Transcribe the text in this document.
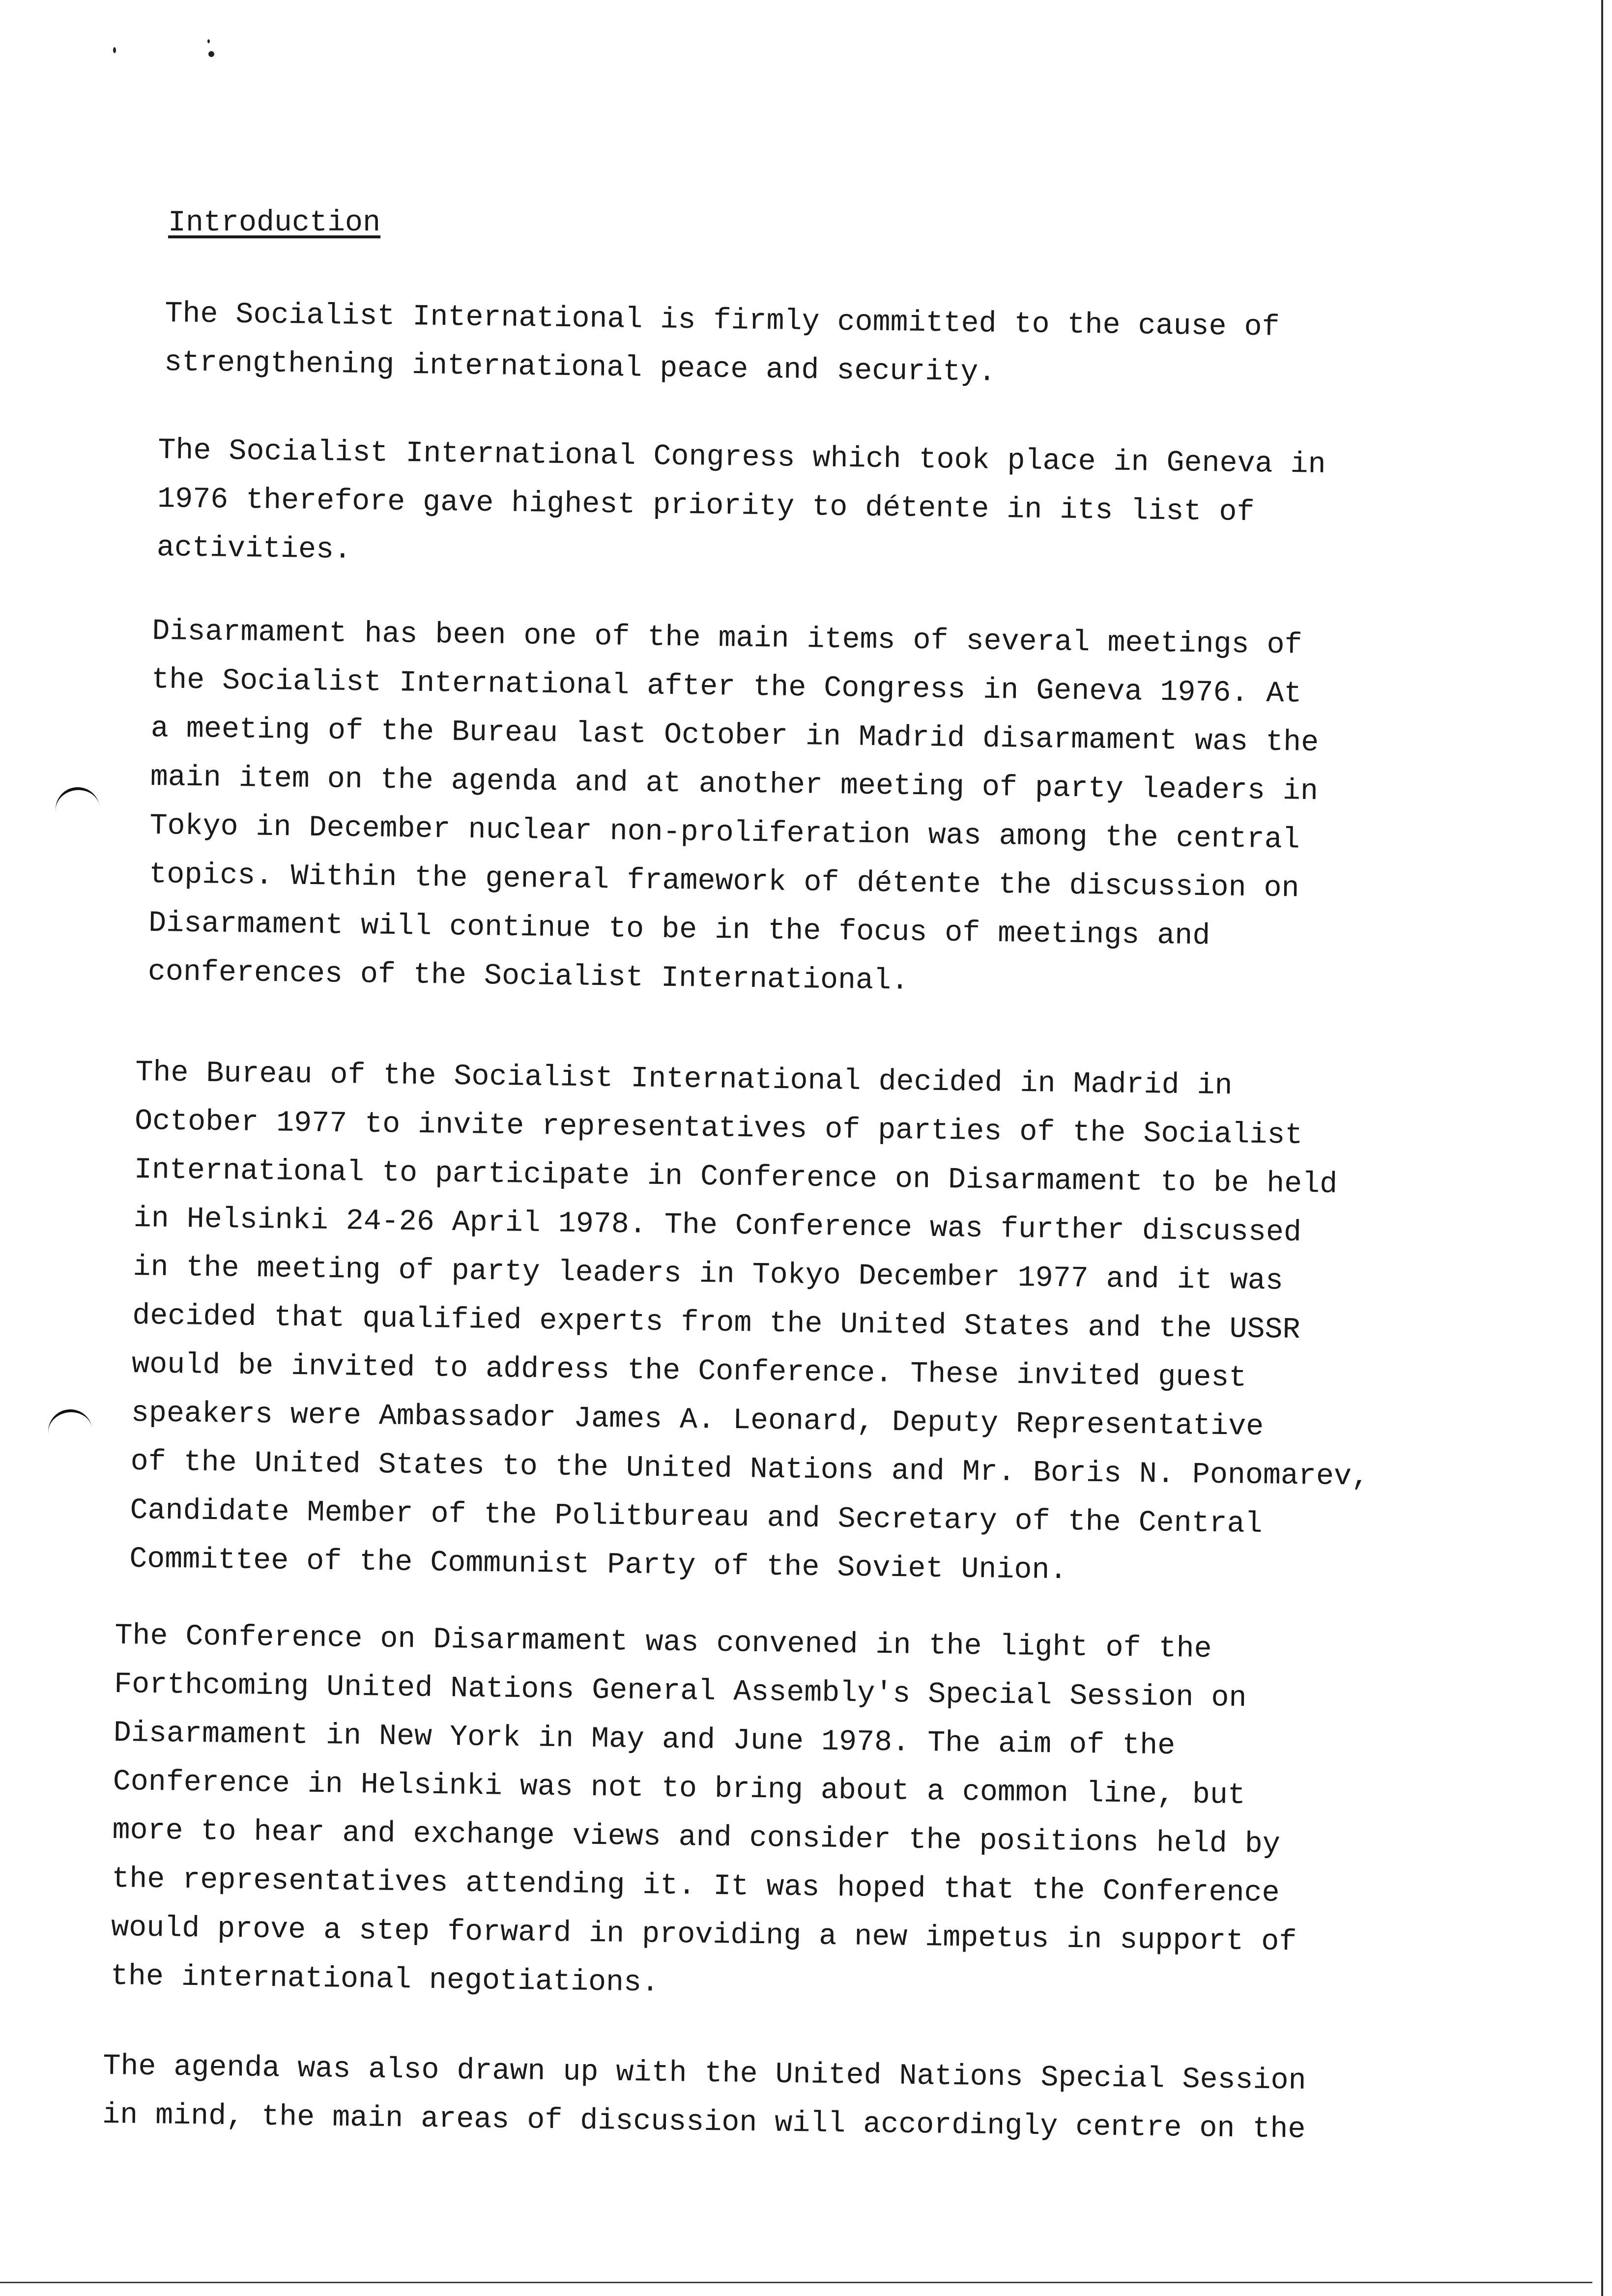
Introduction
The Socialist International is firmly committed to the cause of
strengthening international peace and security.
The Socialist International Congress which took place in Geneva in
1976 therefore gave highest priority to détente in its list of
activities.
Disarmament has been one of the main items of several meetings of
the Socialist International after the Congress in Geneva 1976. At
a meeting of the Bureau last October in Madrid disarmament was the
main item on the agenda and at another meeting of party leaders in
Tokyo in December nuclear non-proliferation was among the central
topics. Within the general framework of détente the discussion on
Disarmament will continue to be in the focus of meetings and
conferences of the Socialist International.
The Bureau of the Socialist International decided in Madrid in
October 1977 to invite representatives of parties of the Socialist
International to participate in Conference on Disarmament to be held
in Helsinki 24-26 April 1978. The Conference was further discussed
in the meeting of party leaders in Tokyo December 1977 and it was
decided that qualified experts from the United States and the USSR
would be invited to address the Conference. These invited guest
speakers were Ambassador James A. Leonard, Deputy Representative
of the United States to the United Nations and Mr. Boris N. Ponomarev,
Candidate Member of the Politbureau and Secretary of the Central
Committee of the Communist Party of the Soviet Union.
The Conference on Disarmament was convened in the light of the
Forthcoming United Nations General Assembly's Special Session on
Disarmament in New York in May and June 1978. The aim of the
Conference in Helsinki was not to bring about a common line, but
more to hear and exchange views and consider the positions held by
the representatives attending it. It was hoped that the Conference
would prove a step forward in providing a new impetus in support of
the international negotiations.
The agenda was also drawn up with the United Nations Special Session
in mind, the main areas of discussion will accordingly centre on the
